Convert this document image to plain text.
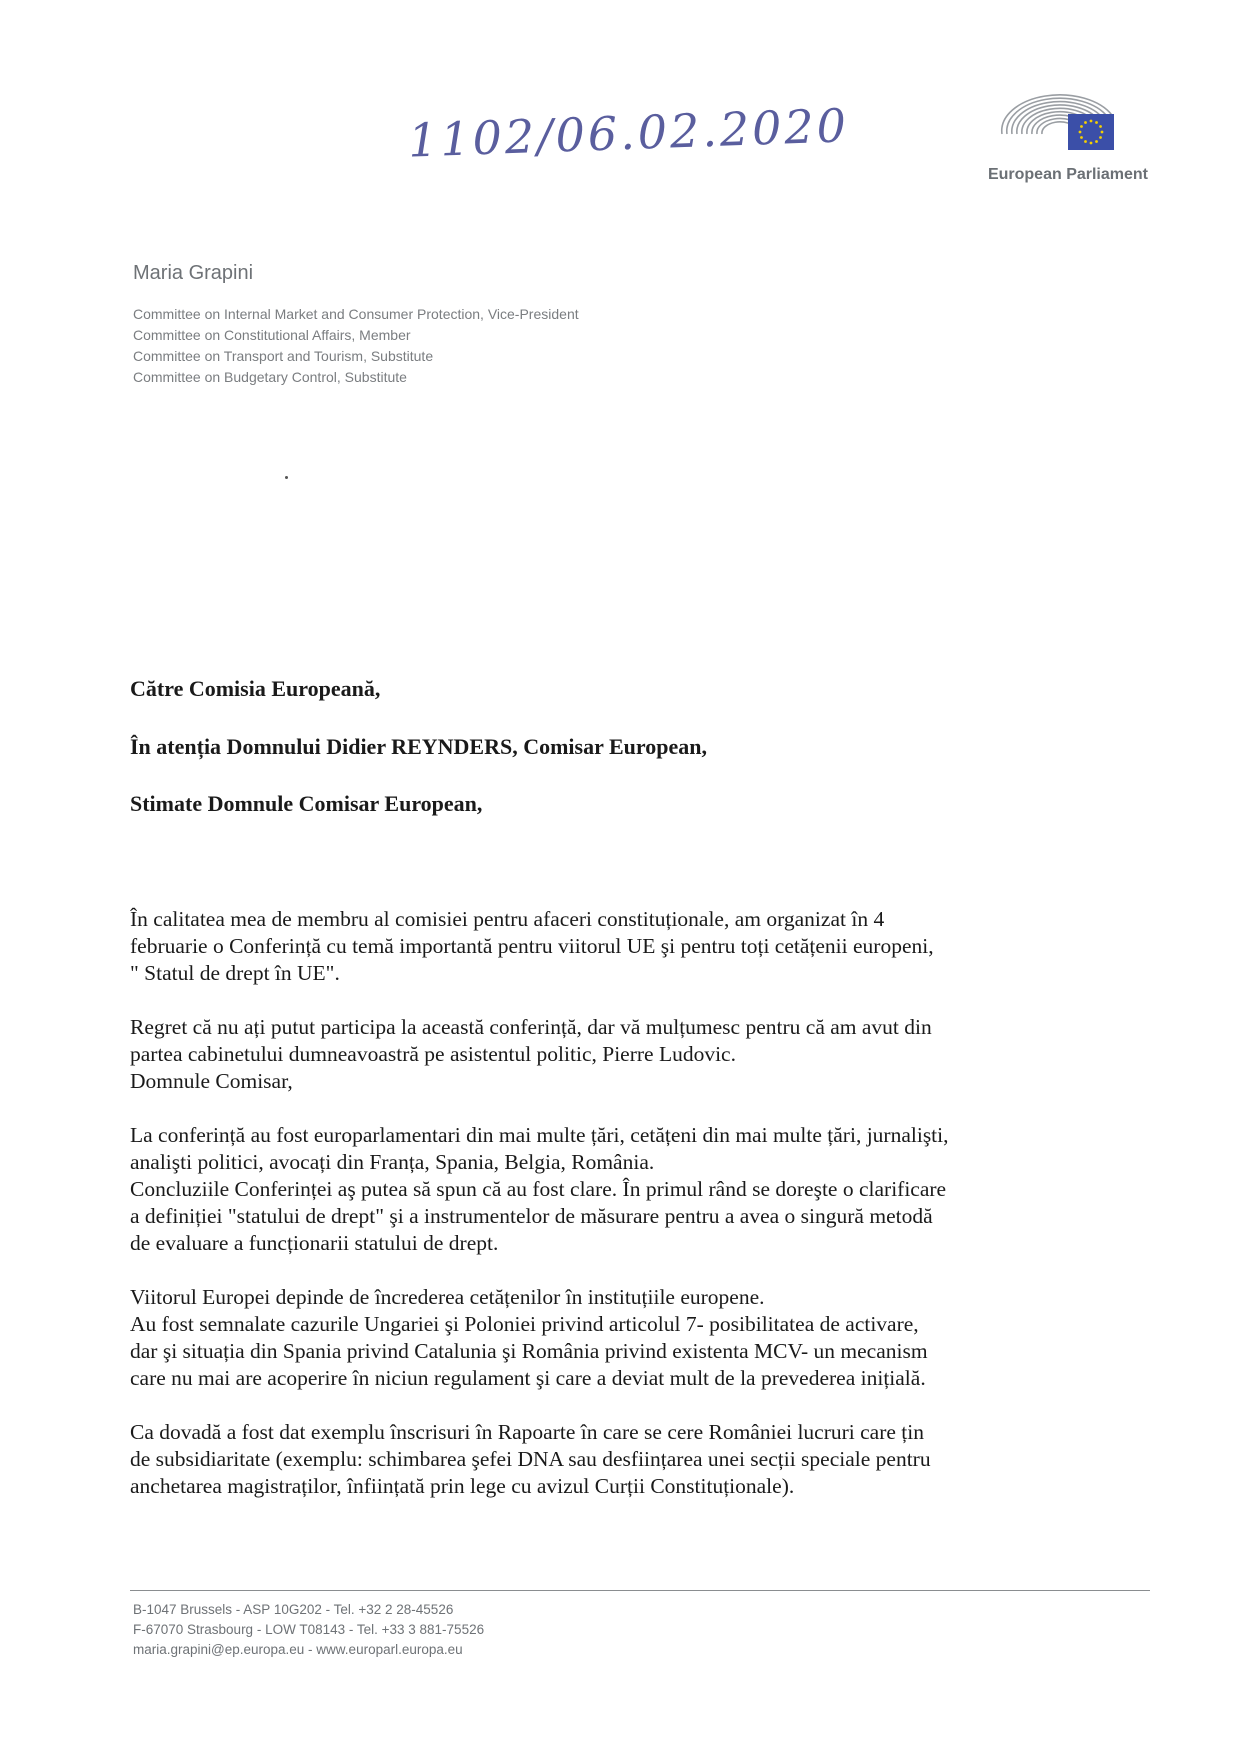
1102/06.02.2020
European Parliament
Maria Grapini
Committee on Internal Market and Consumer Protection, Vice-President
Committee on Constitutional Affairs, Member
Committee on Transport and Tourism, Substitute
Committee on Budgetary Control, Substitute
Către Comisia Europeană,
În atenția Domnului Didier REYNDERS, Comisar European,
Stimate Domnule Comisar European,

În calitatea mea de membru al comisiei pentru afaceri constituționale, am organizat în 4
februarie o Conferință cu temă importantă pentru viitorul UE şi pentru toți cetățenii europeni,
" Statul de drept în UE".

Regret că nu ați putut participa la această conferință, dar vă mulțumesc pentru că am avut din
partea cabinetului dumneavoastră pe asistentul politic, Pierre Ludovic.
Domnule Comisar,

La conferință au fost europarlamentari din mai multe țări, cetățeni din mai multe țări, jurnalişti,
analişti politici, avocați din Franța, Spania, Belgia, România.
Concluziile Conferinței aş putea să spun că au fost clare. În primul rând se doreşte o clarificare
a definiției "statului de drept" şi a instrumentelor de măsurare pentru a avea o singură metodă
de evaluare a funcționarii statului de drept.

Viitorul Europei depinde de încrederea cetățenilor în instituțiile europene.
Au fost semnalate cazurile Ungariei şi Poloniei privind articolul 7- posibilitatea de activare,
dar şi situația din Spania privind Catalunia şi România privind existenta MCV- un mecanism
care nu mai are acoperire în niciun regulament şi care a deviat mult de la prevederea inițială.

Ca dovadă a fost dat exemplu înscrisuri în Rapoarte în care se cere României lucruri care țin
de subsidiaritate (exemplu: schimbarea şefei DNA sau desființarea unei secții speciale pentru
anchetarea magistraților, înființată prin lege cu avizul Curții Constituționale).

B-1047 Brussels - ASP 10G202 - Tel. +32 2 28-45526
F-67070 Strasbourg - LOW T08143 - Tel. +33 3 881-75526
maria.grapini@ep.europa.eu - www.europarl.europa.eu
